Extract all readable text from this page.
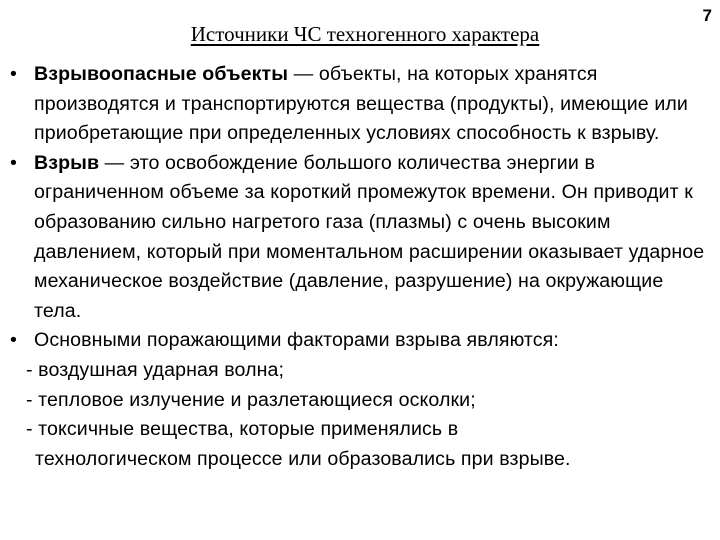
7
Источники ЧС техногенного характера
• Взрывоопасные объекты — объекты, на которых хранятся производятся и транспортируются вещества (продукты), имеющие или приобретающие при определенных условиях способность к взрыву.
• Взрыв — это освобождение большого количества энергии в ограниченном объеме за короткий промежуток времени. Он приводит к образованию сильно нагретого газа (плазмы) с очень высоким давлением, который при моментальном расширении оказывает ударное механическое воздействие (давление, разрушение) на окружающие тела.
• Основными поражающими факторами взрыва являются:
- воздушная ударная волна;
- тепловое излучение и разлетающиеся осколки;
- токсичные вещества, которые применялись в
технологическом процессе или образовались при взрыве.
